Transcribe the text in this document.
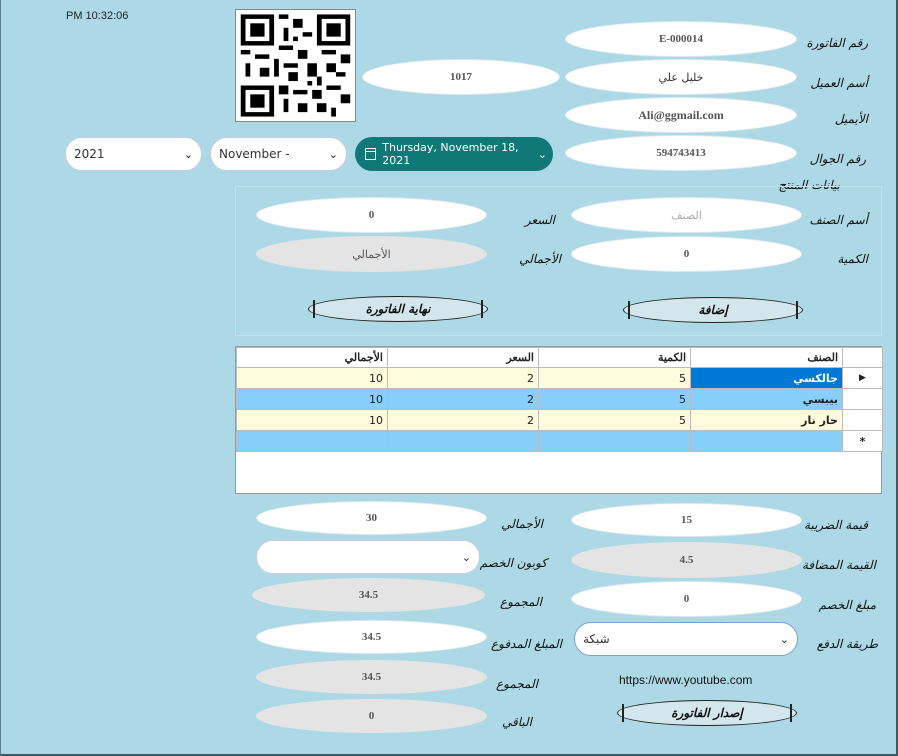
PM 10:32:06
E-000014	رقم الفاتورة
خليل علي	أسم العميل
1017
Ali@ggmail.com	الأيميل
594743413	رقم الجوال
2021	⌄ November -	⌄	Thursday, November 18, 2021	⌄
بيانات المنتج
الصنف	أسم الصنف
0	السعر
0	الكمية
الأجمالي	الأجمالي
إضافة
نهاية الفاتورة
الأجمالي	السعر	الكمية	الصنف	
10	2	5	جالكسي	▶
10	2	5	بيبسي	
10	2	5	حار نار	
				*
15	قيمة الضريبة
30	الأجمالي
4.5	القيمة المضافة
⌄ كوبون الخصم
0	مبلغ الخصم
34.5	المجموع
شبكة	⌄ طريقة الدفع
34.5	المبلغ المدفوع
https://www.youtube.com
34.5	المجموع
إصدار الفاتورة
0	الباقي
